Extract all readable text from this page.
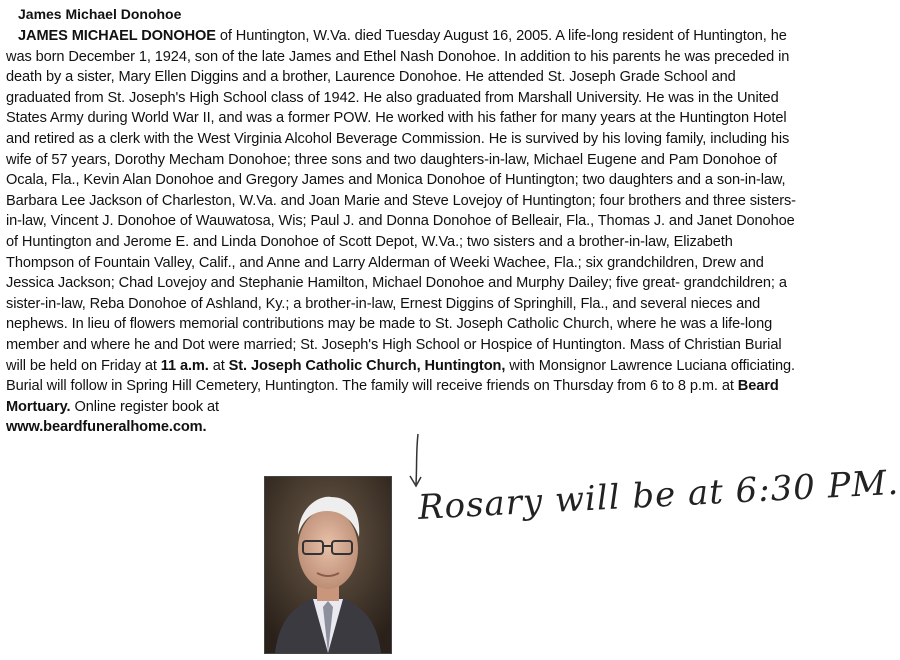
James Michael Donohoe

JAMES MICHAEL DONOHOE of Huntington, W.Va. died Tuesday August 16, 2005. A life-long resident of Huntington, he was born December 1, 1924, son of the late James and Ethel Nash Donohoe. In addition to his parents he was preceded in death by a sister, Mary Ellen Diggins and a brother, Laurence Donohoe. He attended St. Joseph Grade School and graduated from St. Joseph's High School class of 1942. He also graduated from Marshall University. He was in the United States Army during World War II, and was a former POW. He worked with his father for many years at the Huntington Hotel and retired as a clerk with the West Virginia Alcohol Beverage Commission. He is survived by his loving family, including his wife of 57 years, Dorothy Mecham Donohoe; three sons and two daughters-in-law, Michael Eugene and Pam Donohoe of Ocala, Fla., Kevin Alan Donohoe and Gregory James and Monica Donohoe of Huntington; two daughters and a son-in-law, Barbara Lee Jackson of Charleston, W.Va. and Joan Marie and Steve Lovejoy of Huntington; four brothers and three sisters-in-law, Vincent J. Donohoe of Wauwatosa, Wis; Paul J. and Donna Donohoe of Belleair, Fla., Thomas J. and Janet Donohoe of Huntington and Jerome E. and Linda Donohoe of Scott Depot, W.Va.; two sisters and a brother-in-law, Elizabeth Thompson of Fountain Valley, Calif., and Anne and Larry Alderman of Weeki Wachee, Fla.; six grandchildren, Drew and Jessica Jackson; Chad Lovejoy and Stephanie Hamilton, Michael Donohoe and Murphy Dailey; five great- grandchildren; a sister-in-law, Reba Donohoe of Ashland, Ky.; a brother-in-law, Ernest Diggins of Springhill, Fla., and several nieces and nephews. In lieu of flowers memorial contributions may be made to St. Joseph Catholic Church, where he was a life-long member and where he and Dot were married; St. Joseph's High School or Hospice of Huntington. Mass of Christian Burial will be held on Friday at 11 a.m. at St. Joseph Catholic Church, Huntington, with Monsignor Lawrence Luciana officiating. Burial will follow in Spring Hill Cemetery, Huntington. The family will receive friends on Thursday from 6 to 8 p.m. at Beard Mortuary. Online register book at
www.beardfuneralhome.com.

Rosary will be at 6:30 PM.
